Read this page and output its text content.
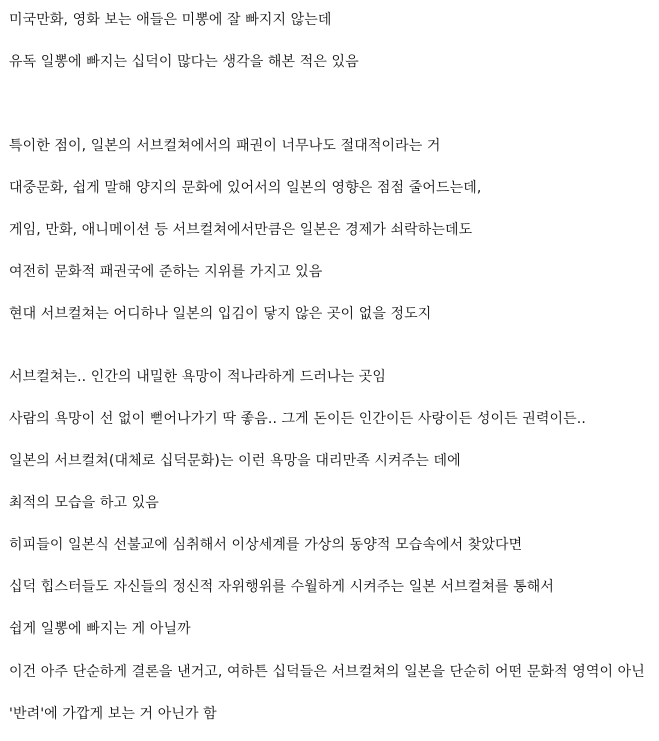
미국만화, 영화 보는 애들은 미뽕에 잘 빠지지 않는데
유독 일뽕에 빠지는 십덕이 많다는 생각을 해본 적은 있음
특이한 점이, 일본의 서브컬쳐에서의 패권이 너무나도 절대적이라는 거
대중문화, 쉽게 말해 양지의 문화에 있어서의 일본의 영향은 점점 줄어드는데,
게임, 만화, 애니메이션 등 서브컬쳐에서만큼은 일본은 경제가 쇠락하는데도
여전히 문화적 패권국에 준하는 지위를 가지고 있음
현대 서브컬쳐는 어디하나 일본의 입김이 닿지 않은 곳이 없을 정도지
서브컬쳐는.. 인간의 내밀한 욕망이 적나라하게 드러나는 곳임
사람의 욕망이 선 없이 뻗어나가기 딱 좋음.. 그게 돈이든 인간이든 사랑이든 성이든 권력이든..
일본의 서브컬쳐(대체로 십덕문화)는 이런 욕망을 대리만족 시켜주는 데에
최적의 모습을 하고 있음
히피들이 일본식 선불교에 심취해서 이상세계를 가상의 동양적 모습속에서 찾았다면
십덕 힙스터들도 자신들의 정신적 자위행위를 수월하게 시켜주는 일본 서브컬쳐를 통해서
쉽게 일뽕에 빠지는 게 아닐까
이건 아주 단순하게 결론을 낸거고, 여하튼 십덕들은 서브컬쳐의 일본을 단순히 어떤 문화적 영역이 아닌
'반려'에 가깝게 보는 거 아닌가 함
